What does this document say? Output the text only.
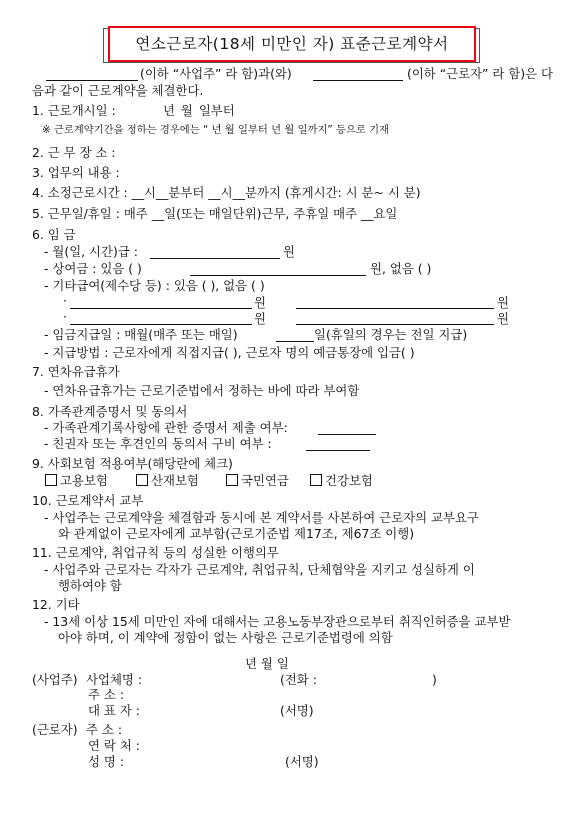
연소근로자(18세 미만인 자) 표준근로계약서
(이하 “사업주” 라 함)과(와)	(이하 “근로자” 라 함)은 다
음과 같이 근로계약을 체결한다.
1. 근로개시일 :	년 월 일부터
※ 근로계약기간을 정하는 경우에는 “ 년 월 일부터 년 월 일까지” 등으로 기재
2. 근 무 장 소 :
3. 업무의 내용 :
4. 소정근로시간 : __시__분부터 __시__분까지 (휴게시간: 시 분~ 시 분)
5. 근무일/휴일 : 매주 __일(또는 매일단위)근무, 주휴일 매주 __요일
6. 임 금
- 월(일, 시간)급 :	원
- 상여금 : 있음 ( )	원, 없음 ( )
- 기타급여(제수당 등) : 있음 ( ), 없음 ( )
·	원	원
·	원	원
- 임금지급일 : 매월(매주 또는 매일)	일(휴일의 경우는 전일 지급)
- 지급방법 : 근로자에게 직접지급( ), 근로자 명의 예금통장에 입금( )
7. 연차유급휴가
- 연차유급휴가는 근로기준법에서 정하는 바에 따라 부여함
8. 가족관계증명서 및 동의서
- 가족관계기록사항에 관한 증명서 제출 여부:
- 친권자 또는 후견인의 동의서 구비 여부 :
9. 사회보험 적용여부(해당란에 체크)
고용보험	산재보험	국민연금	건강보험
10. 근로계약서 교부
- 사업주는 근로계약을 체결함과 동시에 본 계약서를 사본하여 근로자의 교부요구
와 관계없이 근로자에게 교부함(근로기준법 제17조, 제67조 이행)
11. 근로계약, 취업규칙 등의 성실한 이행의무
- 사업주와 근로자는 각자가 근로계약, 취업규칙, 단체협약을 지키고 성실하게 이
행하여야 함
12. 기타
- 13세 이상 15세 미만인 자에 대해서는 고용노동부장관으로부터 취직인허증을 교부받
아야 하며, 이 계약에 정함이 없는 사항은 근로기준법령에 의함
년 월 일
(사업주) 사업체명 :	(전화 :	)
주 소 :
대 표 자 :	(서명)
(근로자) 주 소 :
연 락 처 :
성 명 :	(서명)
